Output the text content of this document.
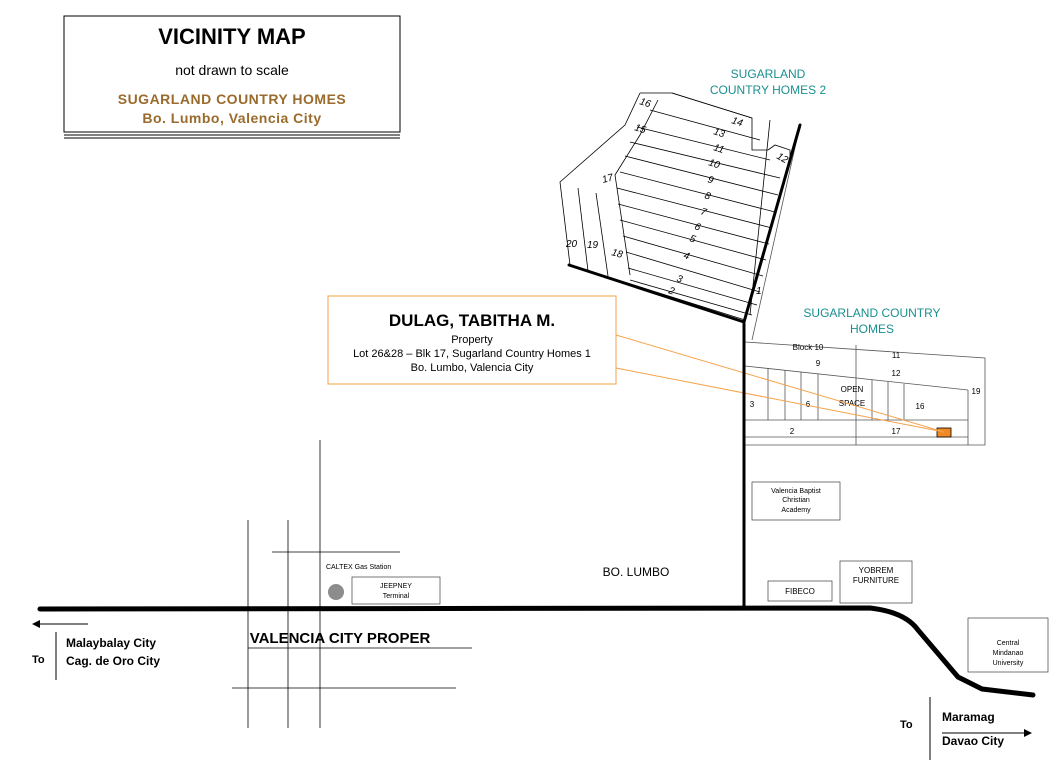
VICINITY MAP
not drawn to scale
SUGARLAND COUNTRY HOMES
Bo. Lumbo, Valencia City
16
14
15	13
11
12
10
9
17
8
7
6
5
20 19
18	4
3
2	1
SUGARLAND
COUNTRY HOMES 2
Block 10
11
9
12
OPEN
SPACE
3	6	16
2	17
19
SUGARLAND COUNTRY
HOMES
DULAG, TABITHA M.
Property
Lot 26&28 – Blk 17, Sugarland Country Homes 1
Bo. Lumbo, Valencia City
CALTEX Gas Station
JEEPNEY
Terminal
Valencia Baptist
Christian
Academy
FIBECO
YOBREM
FURNITURE
Central
Mindanao
University
BO. LUMBO
VALENCIA CITY PROPER
To
Malaybalay City
Cag. de Oro City
To
Maramag
Davao City
